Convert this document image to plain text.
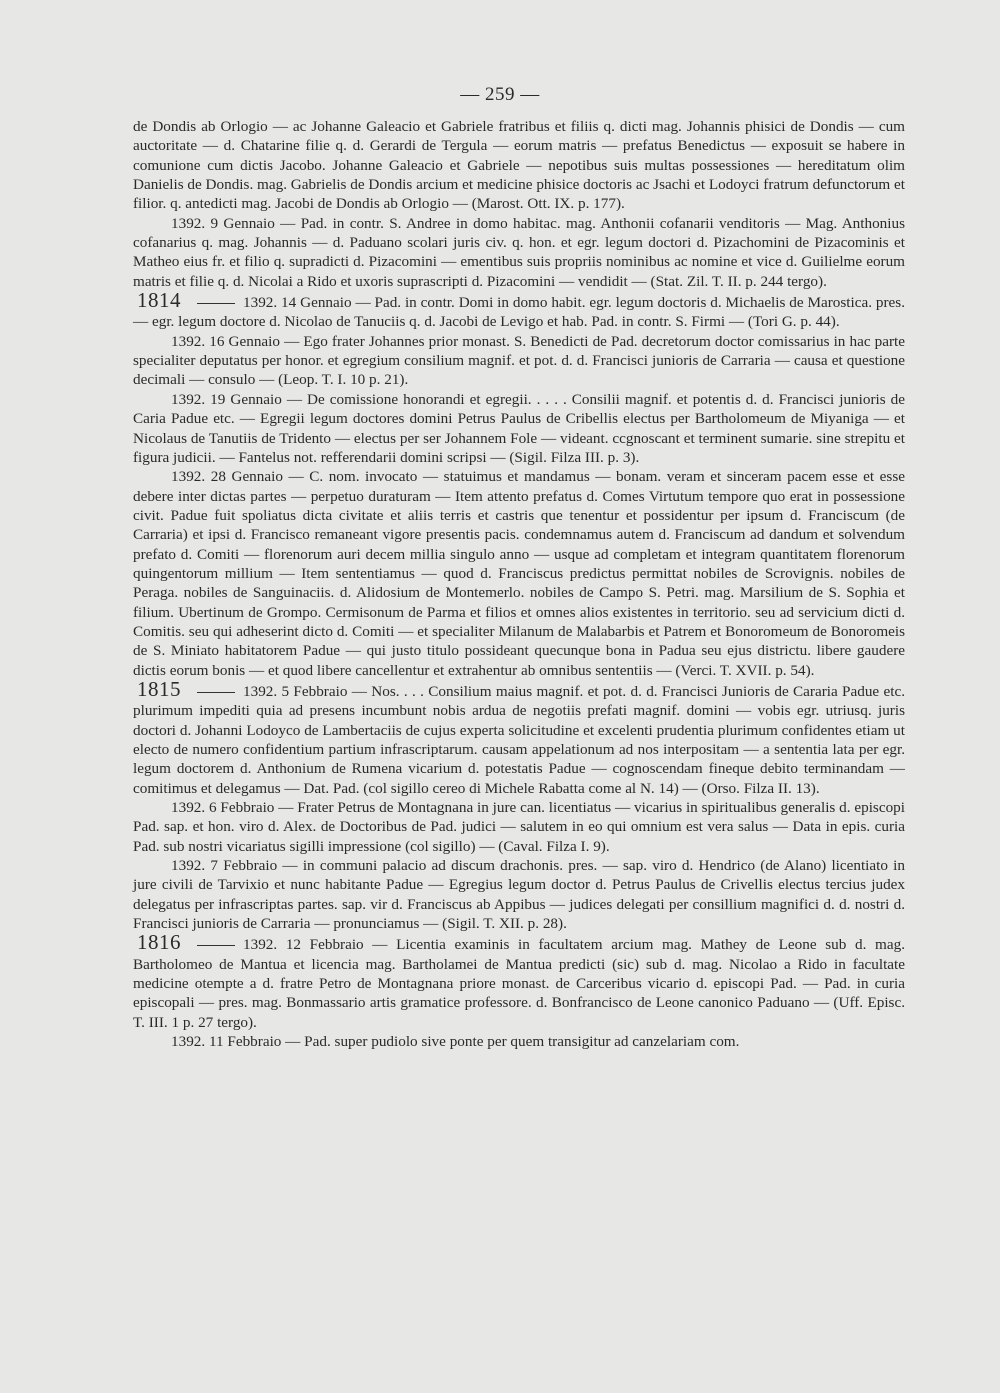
— 259 —

de Dondis ab Orlogio — ac Johanne Galeacio et Gabriele fratribus et filiis q. dicti mag. Johannis phisici de Dondis — cum auctoritate — d. Chatarine filie q. d. Gerardi de Tergula — eorum matris — prefatus Benedictus — exposuit se habere in comunione cum dictis Jacobo. Johanne Galeacio et Gabriele — nepotibus suis multas possessiones — hereditatum olim Danielis de Dondis. mag. Gabrielis de Dondis arcium et medicine phisice doctoris ac Jsachi et Lodoyci fratrum defunctorum et filior. q. antedicti mag. Jacobi de Dondis ab Orlogio — (Marost. Ott. IX. p. 177).

1392. 9 Gennaio — Pad. in contr. S. Andree in domo habitac. mag. Anthonii cofanarii venditoris — Mag. Anthonius cofanarius q. mag. Johannis — d. Paduano scolari juris civ. q. hon. et egr. legum doctori d. Pizachomini de Pizacominis et Matheo eius fr. et filio q. supradicti d. Pizacomini — ementibus suis propriis nominibus ac nomine et vice d. Guilielme eorum matris et filie q. d. Nicolai a Rido et uxoris suprascripti d. Pizacomini — vendidit — (Stat. Zil. T. II. p. 244 tergo).

1814	1392. 14 Gennaio — Pad. in contr. Domi in domo habit. egr. legum doctoris d. Michaelis de Marostica. pres. — egr. legum doctore d. Nicolao de Tanuciis q. d. Jacobi de Levigo et hab. Pad. in contr. S. Firmi — (Tori G. p. 44).

1392. 16 Gennaio — Ego frater Johannes prior monast. S. Benedicti de Pad. decretorum doctor comissarius in hac parte specialiter deputatus per honor. et egregium consilium magnif. et pot. d. d. Francisci junioris de Carraria — causa et questione decimali — consulo — (Leop. T. I. 10 p. 21).

1392. 19 Gennaio — De comissione honorandi et egregii. . . . . Consilii magnif. et potentis d. d. Francisci junioris de Caria Padue etc. — Egregii legum doctores domini Petrus Paulus de Cribellis electus per Bartholomeum de Miyaniga — et Nicolaus de Tanutiis de Tridento — electus per ser Johannem Fole — videant. ccgnoscant et terminent sumarie. sine strepitu et figura judicii. — Fantelus not. refferendarii domini scripsi — (Sigil. Filza III. p. 3).

1392. 28 Gennaio — C. nom. invocato — statuimus et mandamus — bonam. veram et sinceram pacem esse et esse debere inter dictas partes — perpetuo duraturam — Item attento prefatus d. Comes Virtutum tempore quo erat in possessione civit. Padue fuit spoliatus dicta civitate et aliis terris et castris que tenentur et possidentur per ipsum d. Franciscum (de Carraria) et ipsi d. Francisco remaneant vigore presentis pacis. condemnamus autem d. Franciscum ad dandum et solvendum prefato d. Comiti — florenorum auri decem millia singulo anno — usque ad completam et integram quantitatem florenorum quingentorum millium — Item sententiamus — quod d. Franciscus predictus permittat nobiles de Scrovignis. nobiles de Peraga. nobiles de Sanguinaciis. d. Alidosium de Montemerlo. nobiles de Campo S. Petri. mag. Marsilium de S. Sophia et filium. Ubertinum de Grompo. Cermisonum de Parma et filios et omnes alios existentes in territorio. seu ad servicium dicti d. Comitis. seu qui adheserint dicto d. Comiti — et specialiter Milanum de Malabarbis et Patrem et Bonoromeum de Bonoromeis de S. Miniato habitatorem Padue — qui justo titulo possideant quecunque bona in Padua seu ejus districtu. libere gaudere dictis eorum bonis — et quod libere cancellentur et extrahentur ab omnibus sententiis — (Verci. T. XVII. p. 54).

1815	1392. 5 Febbraio — Nos. . . . Consilium maius magnif. et pot. d. d. Francisci Junioris de Cararia Padue etc. plurimum impediti quia ad presens incumbunt nobis ardua de negotiis prefati magnif. domini — vobis egr. utriusq. juris doctori d. Johanni Lodoyco de Lambertaciis de cujus experta solicitudine et excelenti prudentia plurimum confidentes etiam ut electo de numero confidentium partium infrascriptarum. causam appelationum ad nos interpositam — a sententia lata per egr. legum doctorem d. Anthonium de Rumena vicarium d. potestatis Padue — cognoscendam fineque debito terminandam — comitimus et delegamus — Dat. Pad. (col sigillo cereo di Michele Rabatta come al N. 14) — (Orso. Filza II. 13).

1392. 6 Febbraio — Frater Petrus de Montagnana in jure can. licentiatus — vicarius in spiritualibus generalis d. episcopi Pad. sap. et hon. viro d. Alex. de Doctoribus de Pad. judici — salutem in eo qui omnium est vera salus — Data in epis. curia Pad. sub nostri vicariatus sigilli impressione (col sigillo) — (Caval. Filza I. 9).

1392. 7 Febbraio — in communi palacio ad discum drachonis. pres. — sap. viro d. Hendrico (de Alano) licentiato in jure civili de Tarvixio et nunc habitante Padue — Egregius legum doctor d. Petrus Paulus de Crivellis electus tercius judex delegatus per infrascriptas partes. sap. vir d. Franciscus ab Appibus — judices delegati per consillium magnifici d. d. nostri d. Francisci junioris de Carraria — pronunciamus — (Sigil. T. XII. p. 28).

1816	1392. 12 Febbraio — Licentia examinis in facultatem arcium mag. Mathey de Leone sub d. mag. Bartholomeo de Mantua et licencia mag. Bartholamei de Mantua predicti (sic) sub d. mag. Nicolao a Rido in facultate medicine otempte a d. fratre Petro de Montagnana priore monast. de Carceribus vicario d. episcopi Pad. — Pad. in curia episcopali — pres. mag. Bonmassario artis gramatice professore. d. Bonfrancisco de Leone canonico Paduano — (Uff. Episc. T. III. 1 p. 27 tergo).

1392. 11 Febbraio — Pad. super pudiolo sive ponte per quem transigitur ad canzelariam com.
